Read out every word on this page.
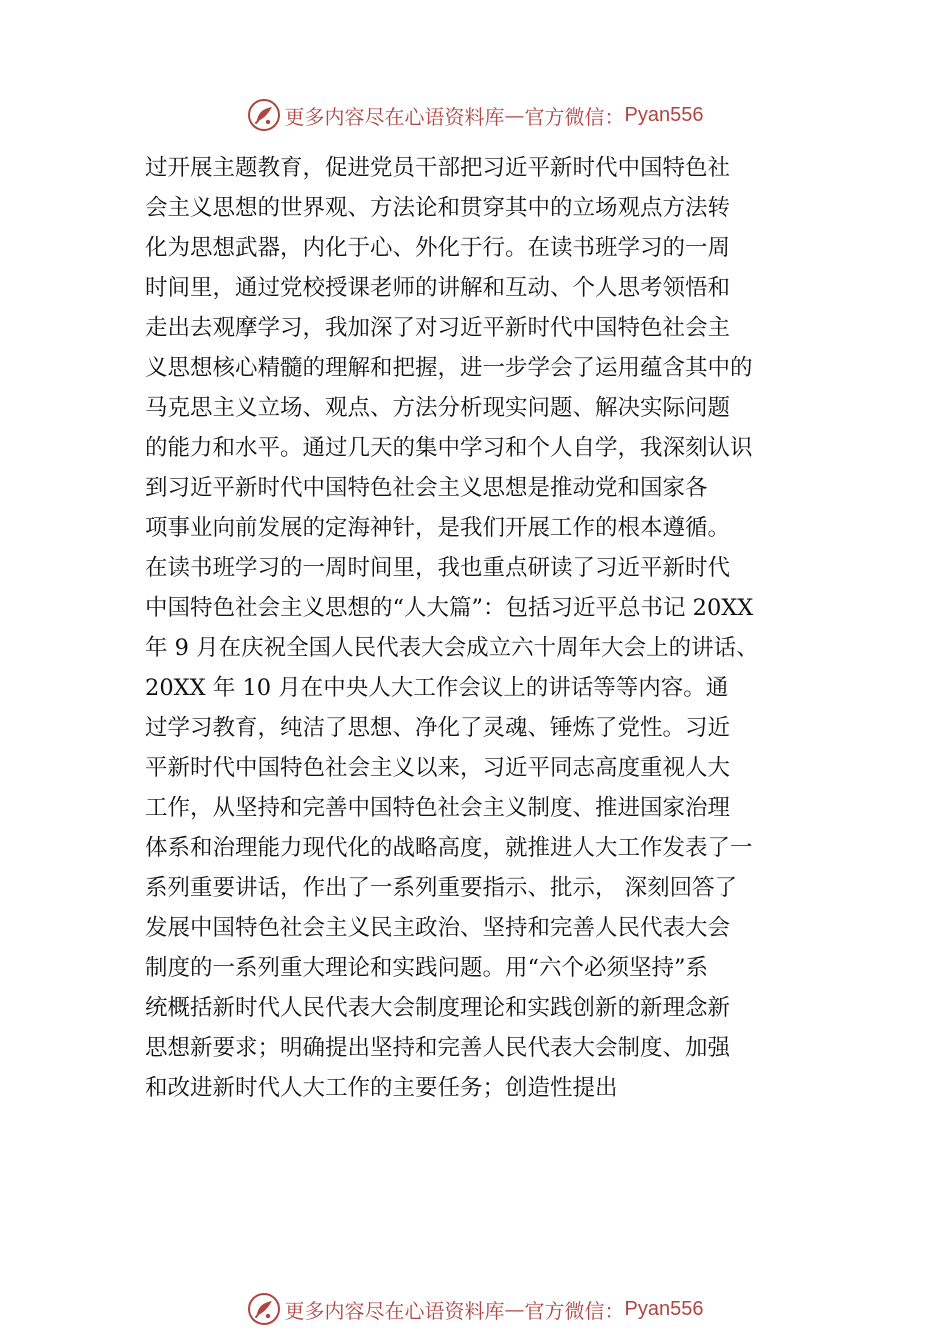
更多内容尽在心语资料库 — 官方微信： Pyan556
过开展主题教育，促进党员干部把习近平新时代中国特色社
会主义思想的世界观、方法论和贯穿其中的立场观点方法转
化为思想武器，内化于心、外化于行。在读书班学习的一周
时间里，通过党校授课老师的讲解和互动、个人思考领悟和
走出去观摩学习，我加深了对习近平新时代中国特色社会主
义思想核心精髓的理解和把握，进一步学会了运用蕴含其中的
马克思主义立场、观点、方法分析现实问题、解决实际问题
的能力和水平。通过几天的集中学习和个人自学，我深刻认识
到习近平新时代中国特色社会主义思想是推动党和国家各
项事业向前发展的定海神针，是我们开展工作的根本遵循。
在读书班学习的一周时间里，我也重点研读了习近平新时代
中国特色社会主义思想的“人大篇”：包括习近平总书记 20XX
年 9 月在庆祝全国人民代表大会成立六十周年大会上的讲话、
20XX 年 10 月在中央人大工作会议上的讲话等等内容。通
过学习教育，纯洁了思想、净化了灵魂、锤炼了党性。习近
平新时代中国特色社会主义以来，习近平同志高度重视人大
工作，从坚持和完善中国特色社会主义制度、推进国家治理
体系和治理能力现代化的战略高度，就推进人大工作发表了一
系列重要讲话，作出了一系列重要指示、批示， 深刻回答了
发展中国特色社会主义民主政治、坚持和完善人民代表大会
制度的一系列重大理论和实践问题。用“六个必须坚持”系
统概括新时代人民代表大会制度理论和实践创新的新理念新
思想新要求；明确提出坚持和完善人民代表大会制度、加强
和改进新时代人大工作的主要任务；创造性提出
更多内容尽在心语资料库 — 官方微信： Pyan556
